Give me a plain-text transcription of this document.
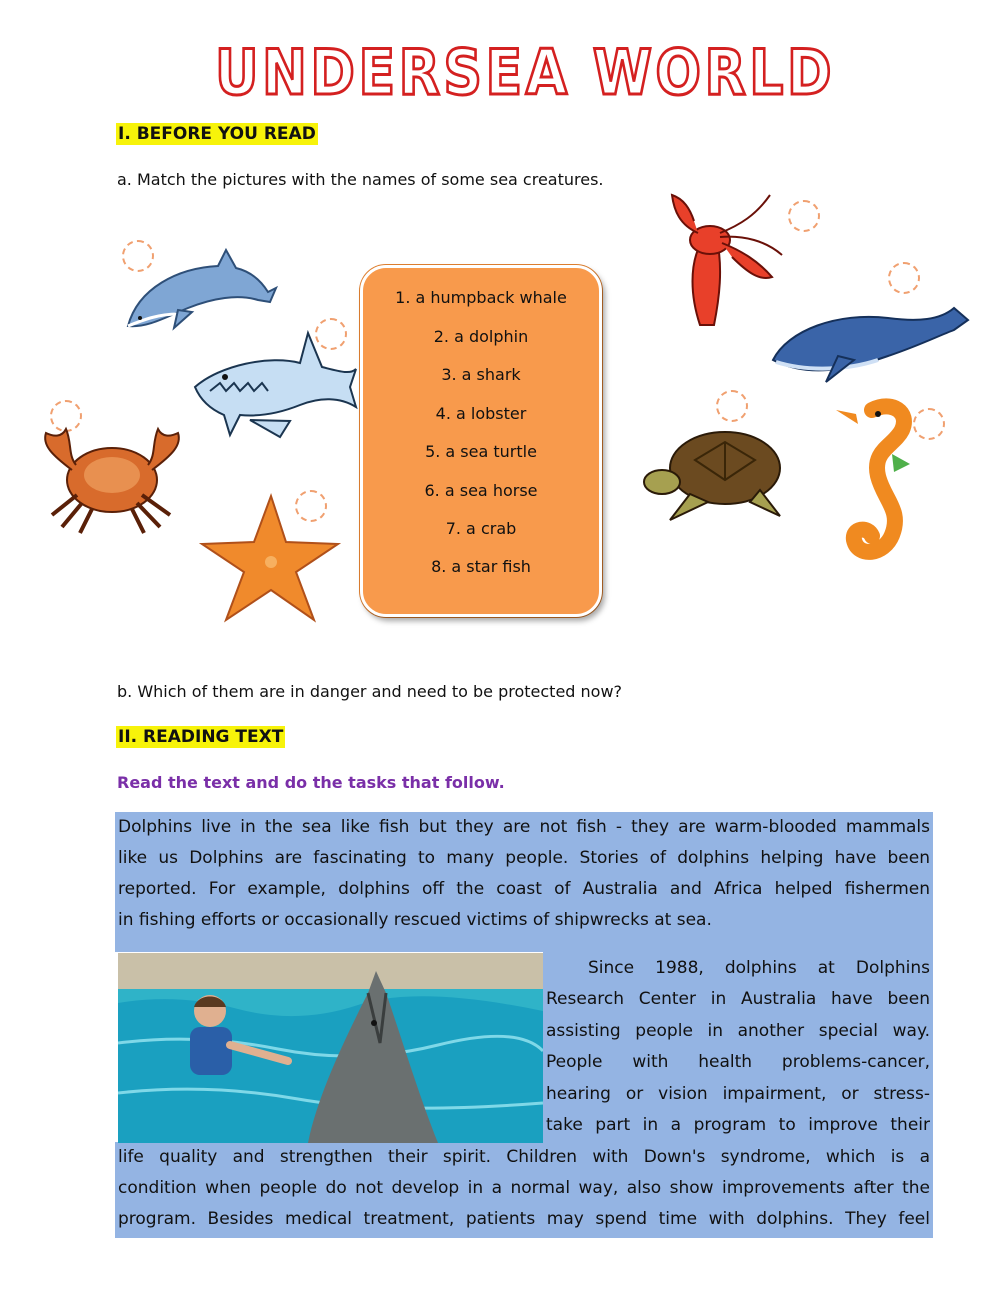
UNDERSEA WORLD
I. BEFORE YOU READ
a. Match the pictures with the names of some sea creatures.
1. a humpback whale
2. a dolphin
3. a shark
4. a lobster
5. a sea turtle
6. a sea horse
7. a crab
8. a star fish
b. Which of them are in danger and need to be protected now?
II. READING TEXT
Read the text and do the tasks that follow.
Dolphins live in the sea like fish but they are not fish - they are warm-blooded mammals
like us Dolphins are fascinating to many people. Stories of dolphins helping have been
reported. For example, dolphins off the coast of Australia and Africa helped fishermen
in fishing efforts or occasionally rescued victims of shipwrecks at sea.
Since 1988, dolphins at Dolphins
Research Center in Australia have been
assisting people in another special way.
People with health problems-cancer,
hearing or vision impairment, or stress-
take part in a program to improve their
life quality and strengthen their spirit. Children with Down's syndrome, which is a
condition when people do not develop in a normal way, also show improvements after the
program. Besides medical treatment, patients may spend time with dolphins. They feel
